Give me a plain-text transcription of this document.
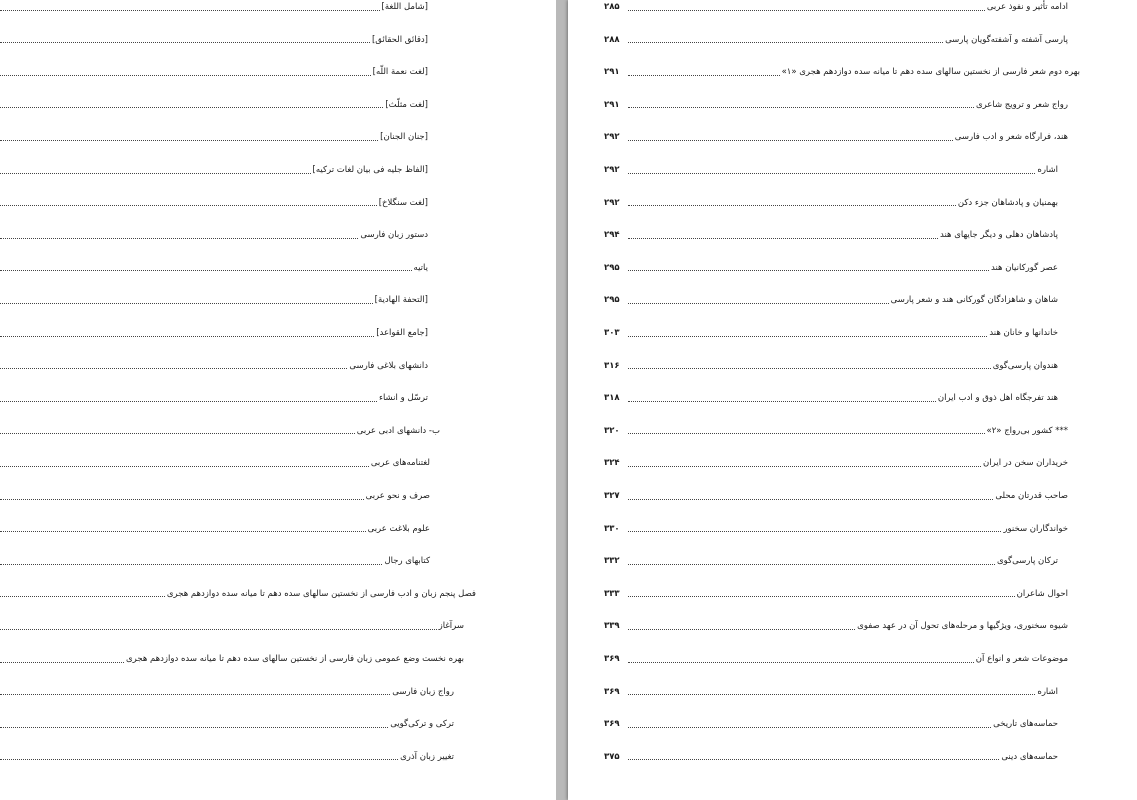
[شامل اللغة]
[دقائق الحقائق]
[لغت نعمة اللّه]
[لغت مثلّث]
[جنان الجنان]
[الفاظ جلیه فی بیان لغات ترکیه]
[لغت سنگلاخ]
دستور زبان فارسی
یاتیه
[التحفة الهادیة]
[جامع القواعد]
دانشهای بلاغی فارسی
ترسّل و انشاء
ب- دانشهای ادبی عربی
لغتنامه‌های عربی
صرف و نحو عربی
علوم بلاغت عربی
کتابهای رجال
فصل پنجم زبان و ادب فارسی از نخستین سالهای سده دهم تا میانه سده دوازدهم هجری
سرآغاز
بهره نخست وضع عمومی زبان فارسی از نخستین سالهای سده دهم تا میانه سده دوازدهم هجری
رواج زبان فارسی
ترکی و ترکی‌گویی
تغییر زبان آذری
ادامه تأثیر و نفوذ عربی
۲۸۵
پارسی آشفته و آشفته‌گویان پارسی
۲۸۸
بهره دوم شعر فارسی از نخستین سالهای سده دهم تا میانه سده دوازدهم هجری «۱»
۲۹۱
رواج شعر و ترویج شاعری
۲۹۱
هند، فرارگاه شعر و ادب فارسی
۲۹۲
اشاره
۲۹۲
بهمنیان و پادشاهان جزء دکن
۲۹۲
پادشاهان دهلی و دیگر جایهای هند
۲۹۴
عصر گورکانیان هند
۲۹۵
شاهان و شاهزادگان گورکانی هند و شعر پارسی
۲۹۵
خاندانها و خانان هند
۳۰۳
هندوان پارسی‌گوی
۳۱۶
هند تفرجگاه اهل ذوق و ادب ایران
۳۱۸
*** کشور بی‌رواج «۲»
۳۲۰
خریداران سخن در ایران
۳۲۴
صاحب قدرتان محلی
۳۲۷
خواندگاران سخنور
۳۳۰
ترکان پارسی‌گوی
۳۳۲
احوال شاعران
۳۳۳
شیوه سخنوری، ویژگیها و مرحله‌های تحول آن در عهد صفوی
۳۳۹
موضوعات شعر و انواع آن
۳۶۹
اشاره
۳۶۹
حماسه‌های تاریخی
۳۶۹
حماسه‌های دینی
۳۷۵
